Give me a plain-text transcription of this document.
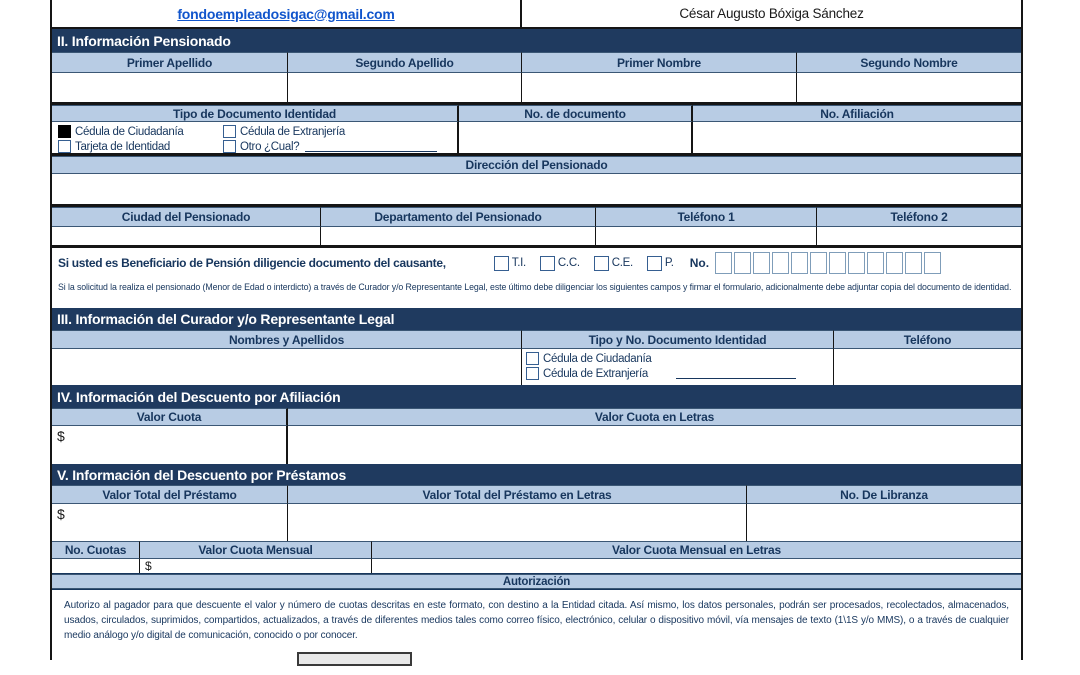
fondoempleadosigac@gmail.com	César Augusto Bóxiga Sánchez
II. Información Pensionado
Primer Apellido	Segundo Apellido	Primer Nombre	Segundo Nombre
Tipo de Documento Identidad	No. de documento	No. Afiliación
Cédula de Ciudadanía	Cédula de Extranjería
Tarjeta de Identidad	Otro ¿Cual?
Dirección del Pensionado
Ciudad del Pensionado	Departamento del Pensionado	Teléfono 1	Teléfono 2
Si usted es Beneficiario de Pensión diligencie documento del causante,	T.I.	C.C.	C.E.	P. No.
Si la solicitud la realiza el pensionado (Menor de Edad o interdicto) a través de Curador y/o Representante Legal, este último debe diligenciar los siguientes campos y firmar el formulario, adicionalmente debe adjuntar copia del documento de identidad.
III. Información del Curador y/o Representante Legal
Nombres y Apellidos	Tipo y No. Documento Identidad	Teléfono
Cédula de Ciudadanía
Cédula de Extranjería
IV. Información del Descuento por Afiliación
Valor Cuota	Valor Cuota en Letras
$
V. Información del Descuento por Préstamos
Valor Total del Préstamo	Valor Total del Préstamo en Letras	No. De Libranza
$
No. Cuotas	Valor Cuota Mensual	Valor Cuota Mensual en Letras
$
Autorización
Autorizo al pagador para que descuente el valor y número de cuotas descritas en este formato, con destino a la Entidad citada. Así mismo, los datos personales, podrán ser procesados, recolectados, almacenados, usados, circulados, suprimidos, compartidos, actualizados, a través de diferentes medios tales como correo físico, electrónico, celular o dispositivo móvil, vía mensajes de texto (1\1S y/o MMS), o a través de cualquier medio análogo y/o digital de comunicación, conocido o por conocer.
